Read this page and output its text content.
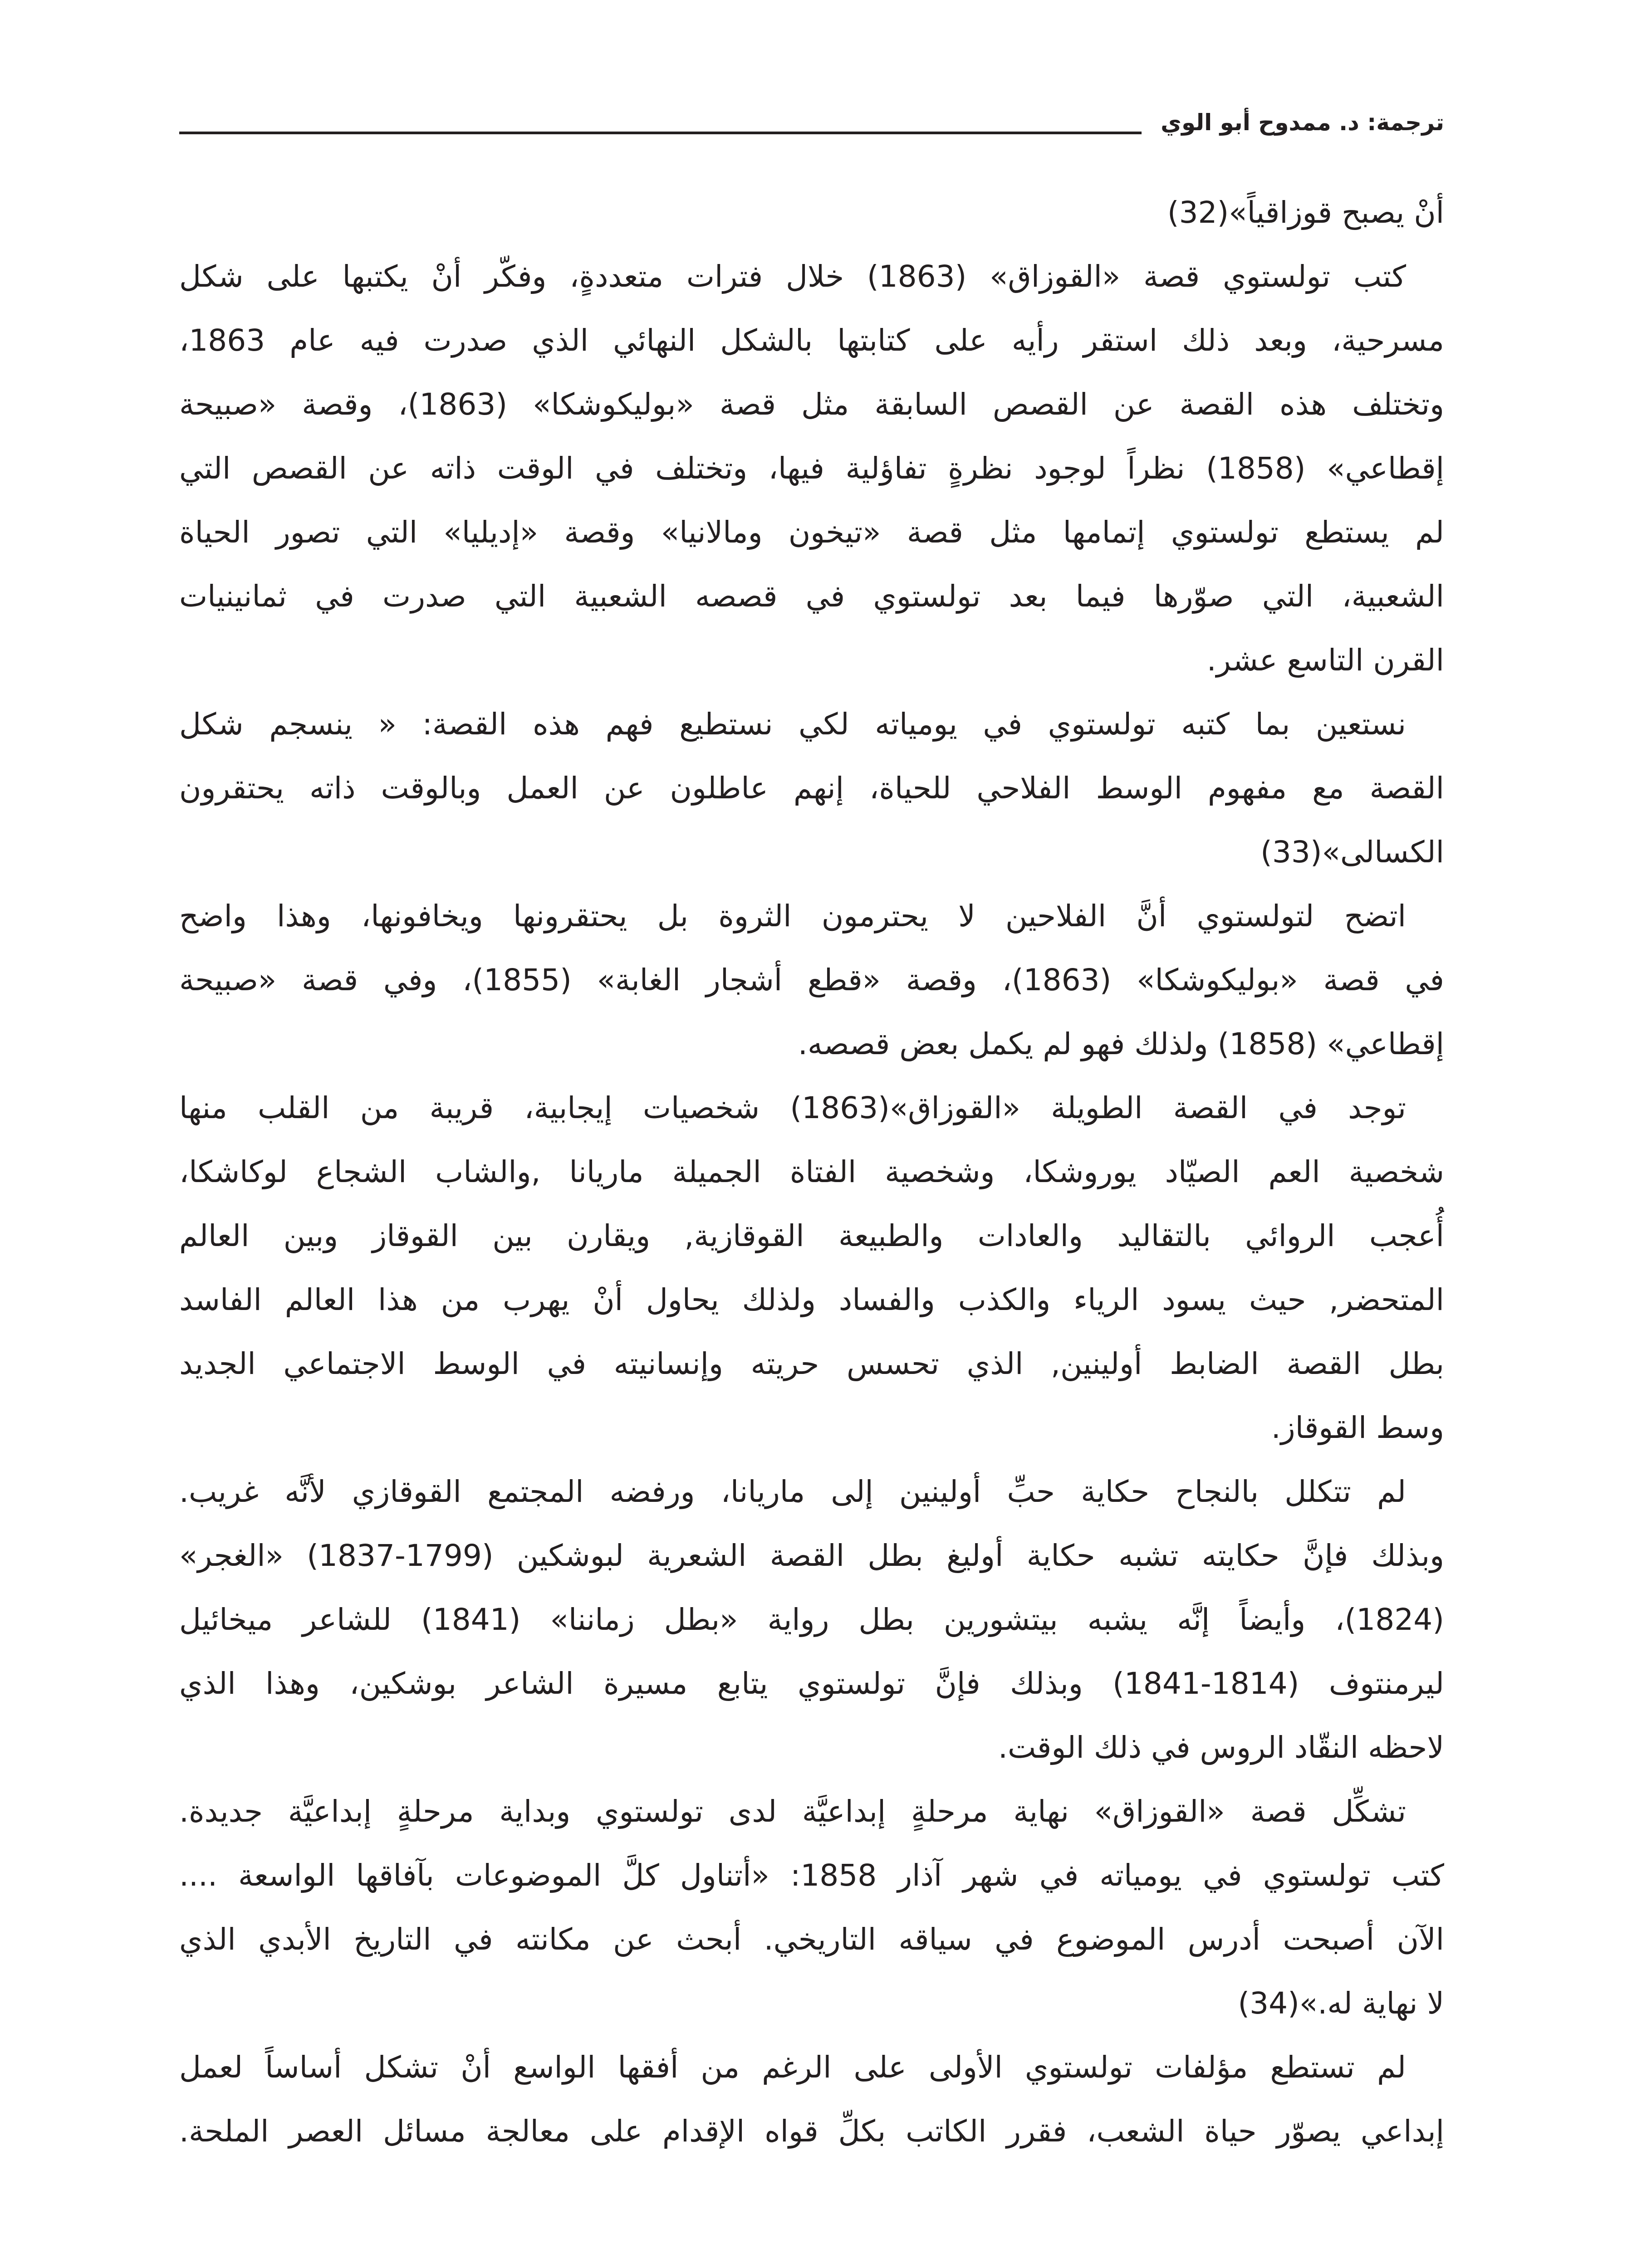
ترجمة: د. ممدوح أبو الوي
أنْ يصبح قوزاقياً»(32)
كتب تولستوي قصة «القوزاق» (1863) خلال فترات متعددةٍ، وفكّر أنْ يكتبها على شكل
مسرحية، وبعد ذلك استقر رأيه على كتابتها بالشكل النهائي الذي صدرت فيه عام 1863،
وتختلف هذه القصة عن القصص السابقة مثل قصة «بوليكوشكا» (1863)، وقصة «صبيحة
إقطاعي» (1858) نظراً لوجود نظرةٍ تفاؤلية فيها، وتختلف في الوقت ذاته عن القصص التي
لم يستطع تولستوي إتمامها مثل قصة «تيخون ومالانيا» وقصة «إديليا» التي تصور الحياة
الشعبية، التي صوّرها فيما بعد تولستوي في قصصه الشعبية التي صدرت في ثمانينيات
القرن التاسع عشر.
نستعين بما كتبه تولستوي في يومياته لكي نستطيع فهم هذه القصة: « ينسجم شكل
القصة مع مفهوم الوسط الفلاحي للحياة، إنهم عاطلون عن العمل وبالوقت ذاته يحتقرون
الكسالى»(33)
اتضح لتولستوي أنَّ الفلاحين لا يحترمون الثروة بل يحتقرونها ويخافونها، وهذا واضح
في قصة «بوليكوشكا» (1863)، وقصة «قطع أشجار الغابة» (1855)، وفي قصة «صبيحة
إقطاعي» (1858) ولذلك فهو لم يكمل بعض قصصه.
توجد في القصة الطويلة «القوزاق»(1863) شخصيات إيجابية، قريبة من القلب منها
شخصية العم الصيّاد يوروشكا، وشخصية الفتاة الجميلة ماريانا ,والشاب الشجاع لوكاشكا،
أُعجب الروائي بالتقاليد والعادات والطبيعة القوقازية, ويقارن بين القوقاز وبين العالم
المتحضر, حيث يسود الرياء والكذب والفساد ولذلك يحاول أنْ يهرب من هذا العالم الفاسد
بطل القصة الضابط أولينين, الذي تحسس حريته وإنسانيته في الوسط الاجتماعي الجديد
وسط القوقاز.
لم تتكلل بالنجاح حكاية حبِّ أولينين إلى ماريانا، ورفضه المجتمع القوقازي لأنَّه غريب.
وبذلك فإنَّ حكايته تشبه حكاية أوليغ بطل القصة الشعرية لبوشكين (1799-1837) «الغجر»
(1824)، وأيضاً إنَّه يشبه بيتشورين بطل رواية «بطل زماننا» (1841) للشاعر ميخائيل
ليرمنتوف (1814-1841) وبذلك فإنَّ تولستوي يتابع مسيرة الشاعر بوشكين، وهذا الذي
لاحظه النقّاد الروس في ذلك الوقت.
تشكِّل قصة «القوزاق» نهاية مرحلةٍ إبداعيَّة لدى تولستوي وبداية مرحلةٍ إبداعيَّة جديدة.
كتب تولستوي في يومياته في شهر آذار 1858: «أتناول كلَّ الموضوعات بآفاقها الواسعة ....
الآن أصبحت أدرس الموضوع في سياقه التاريخي. أبحث عن مكانته في التاريخ الأبدي الذي
لا نهاية له.»(34)
لم تستطع مؤلفات تولستوي الأولى على الرغم من أفقها الواسع أنْ تشكل أساساً لعمل
إبداعي يصوّر حياة الشعب، فقرر الكاتب بكلِّ قواه الإقدام على معالجة مسائل العصر الملحة.
